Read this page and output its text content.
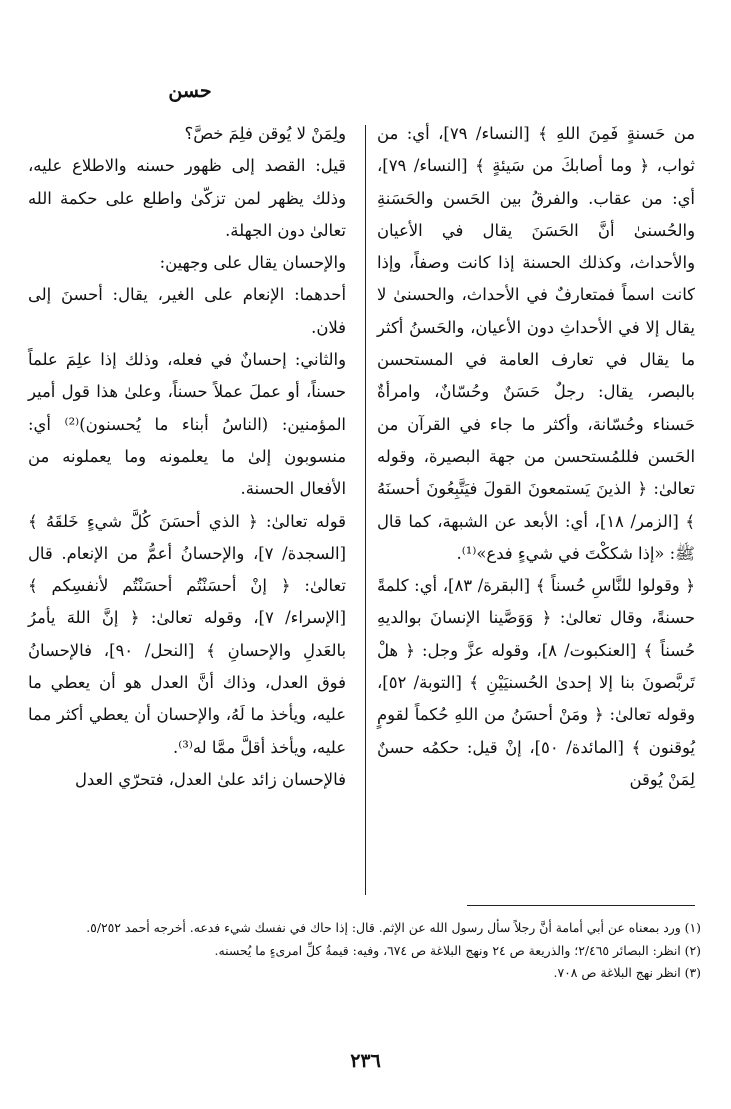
حسن

من حَسنةٍ فَمِنَ اللهِ ﴾ [النساء/ ٧٩]، أي: من ثواب، ﴿ وما أصابكَ من سَيئةٍ ﴾ [النساء/ ٧٩]، أي: من عقاب. والفرقُ بين الحَسن والحَسَنةِ والحُسنىٰ أنَّ الحَسَنَ يقال في الأعيان والأحداث، وكذلك الحسنة إذا كانت وصفاً، وإذا كانت اسماً فمتعارفٌ في الأحداث، والحسنىٰ لا يقال إلا في الأحداثِ دون الأعيان، والحَسنُ أكثر ما يقال في تعارف العامة في المستحسن بالبصر، يقال: رجلٌ حَسَنٌ وحُسّانٌ، وامرأةٌ حَسناء وحُسّانة، وأكثر ما جاء في القرآن من الحَسن فللمُستحسن من جهة البصيرة، وقوله تعالىٰ: ﴿ الذينَ يَستمعونَ القولَ فيَتَّبِعُونَ أحسنَهُ ﴾ [الزمر/ ١٨]، أي: الأبعد عن الشبهة، كما قال ﷺ: «إذا شككْتَ في شيءٍ فدع»⁽¹⁾.

﴿ وقولوا للنَّاسِ حُسناً ﴾ [البقرة/ ٨٣]، أي: كلمةً حسنةً، وقال تعالىٰ: ﴿ وَوَصَّينا الإنسانَ بوالديهِ حُسناً ﴾ [العنكبوت/ ٨]، وقوله عزَّ وجل: ﴿ هلْ تَربَّصونَ بنا إلا إحدىٰ الحُسنيَيْنِ ﴾ [التوبة/ ٥٢]، وقوله تعالىٰ: ﴿ ومَنْ أحسَنُ من اللهِ حُكماً لقومٍ يُوقنون ﴾ [المائدة/ ٥٠]، إنْ قيل: حكمُه حسنٌ لِمَنْ يُوقن

ولِمَنْ لا يُوقن فلِمَ خصَّ؟

قيل: القصد إلى ظهور حسنه والاطلاع عليه، وذلك يظهر لمن تزكّىٰ واطلع على حكمة الله تعالىٰ دون الجهلة.

والإحسان يقال على وجهين:

أحدهما: الإنعام على الغير، يقال: أحسنَ إلى فلان.

والثاني: إحسانٌ في فعله، وذلك إذا علِمَ علماً حسناً، أو عملَ عملاً حسناً، وعلىٰ هذا قول أمير المؤمنين: (الناسُ أبناء ما يُحسنون)⁽²⁾ أي: منسوبون إلىٰ ما يعلمونه وما يعملونه من الأفعال الحسنة.

قوله تعالىٰ: ﴿ الذي أحسَنَ كُلَّ شيءٍ خَلقَهُ ﴾ [السجدة/ ٧]، والإحسانُ أعمُّ من الإنعام. قال تعالىٰ: ﴿ إنْ أحسَنْتُم أحسَنْتُم لأنفسِكم ﴾ [الإسراء/ ٧]، وقوله تعالىٰ: ﴿ إنَّ اللهَ يأمرُ بالعَدلِ والإحسانِ ﴾ [النحل/ ٩٠]، فالإحسانُ فوق العدل، وذاك أنَّ العدل هو أن يعطي ما عليه، ويأخذ ما لَهُ، والإحسان أن يعطي أكثر مما عليه، ويأخذ أقلَّ ممَّا له⁽³⁾.

فالإحسان زائد علىٰ العدل، فتحرّي العدل

(١) ورد بمعناه عن أبي أمامة أنَّ رجلاً سأل رسول الله عن الإثم. قال: إذا حاك في نفسك شيء فدعه. أخرجه أحمد ٥/٢٥٢.

(٢) انظر: البصائر ٢/٤٦٥؛ والذريعة ص ٢٤ ونهج البلاغة ص ٦٧٤، وفيه: قيمةُ كلِّ امرىءٍ ما يُحسنه.

(٣) انظر نهج البلاغة ص ٧٠٨.

٢٣٦
